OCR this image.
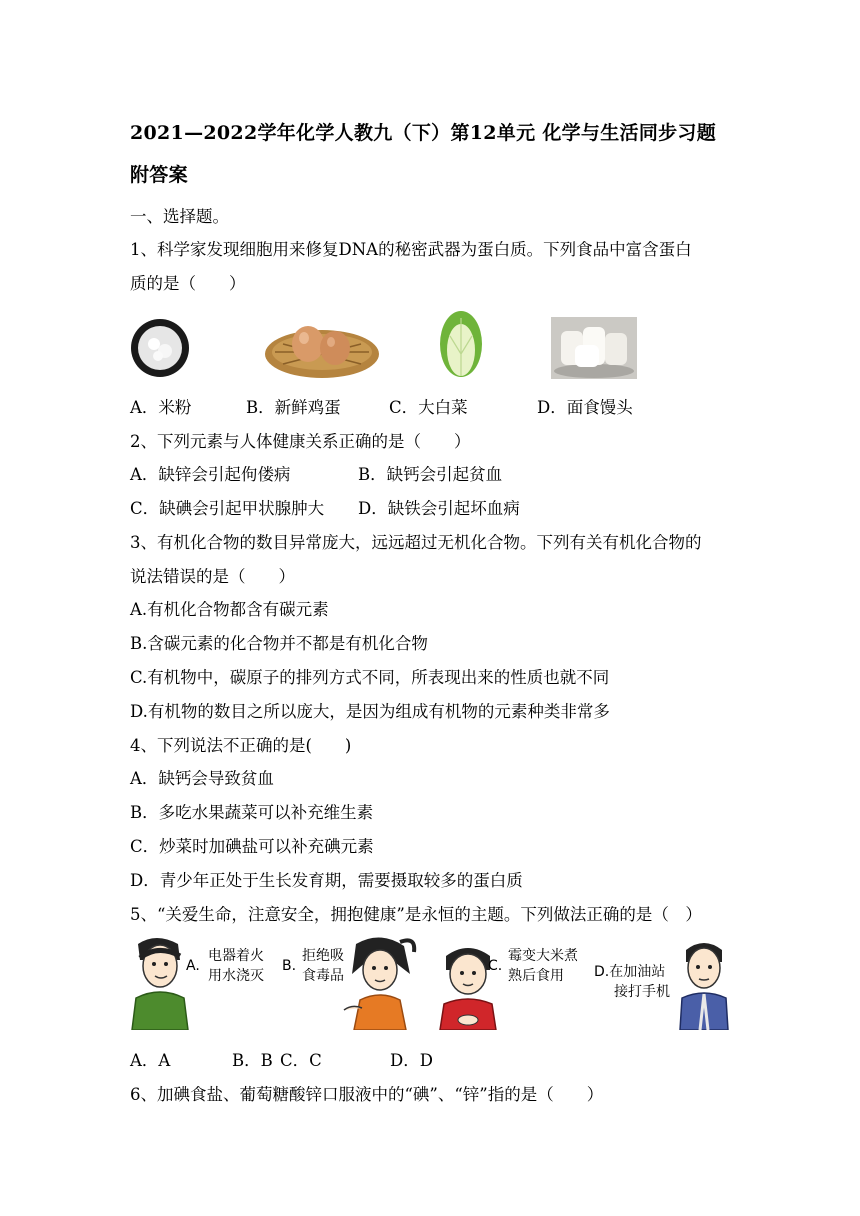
2021—2022学年化学人教九（下）第12单元 化学与生活同步习题
附答案
一、选择题。
1、科学家发现细胞用来修复DNA的秘密武器为蛋白质。下列食品中富含蛋白
质的是（　　）
A．米粉	B．新鲜鸡蛋	C．大白菜	D．面食馒头
2、下列元素与人体健康关系正确的是（　　）
A．缺锌会引起佝偻病	B．缺钙会引起贫血
C．缺碘会引起甲状腺肿大 D．缺铁会引起坏血病
3、有机化合物的数目异常庞大，远远超过无机化合物。下列有关有机化合物的
说法错误的是（　　）
A.有机化合物都含有碳元素
B.含碳元素的化合物并不都是有机化合物
C.有机物中，碳原子的排列方式不同，所表现出来的性质也就不同
D.有机物的数目之所以庞大，是因为组成有机物的元素种类非常多
4、下列说法不正确的是(　　)
A．缺钙会导致贫血
B．多吃水果蔬菜可以补充维生素
C．炒菜时加碘盐可以补充碘元素
D．青少年正处于生长发育期，需要摄取较多的蛋白质
5、“关爱生命，注意安全，拥抱健康”是永恒的主题。下列做法正确的是（　）
A.
电器着火
用水浇灭
B.
拒绝吸
食毒品
C.
霉变大米煮
熟后食用 D.在加油站
接打手机
A．A	B．B C．C	D．D
6、加碘食盐、葡萄糖酸锌口服液中的“碘”、“锌”指的是（　　）
